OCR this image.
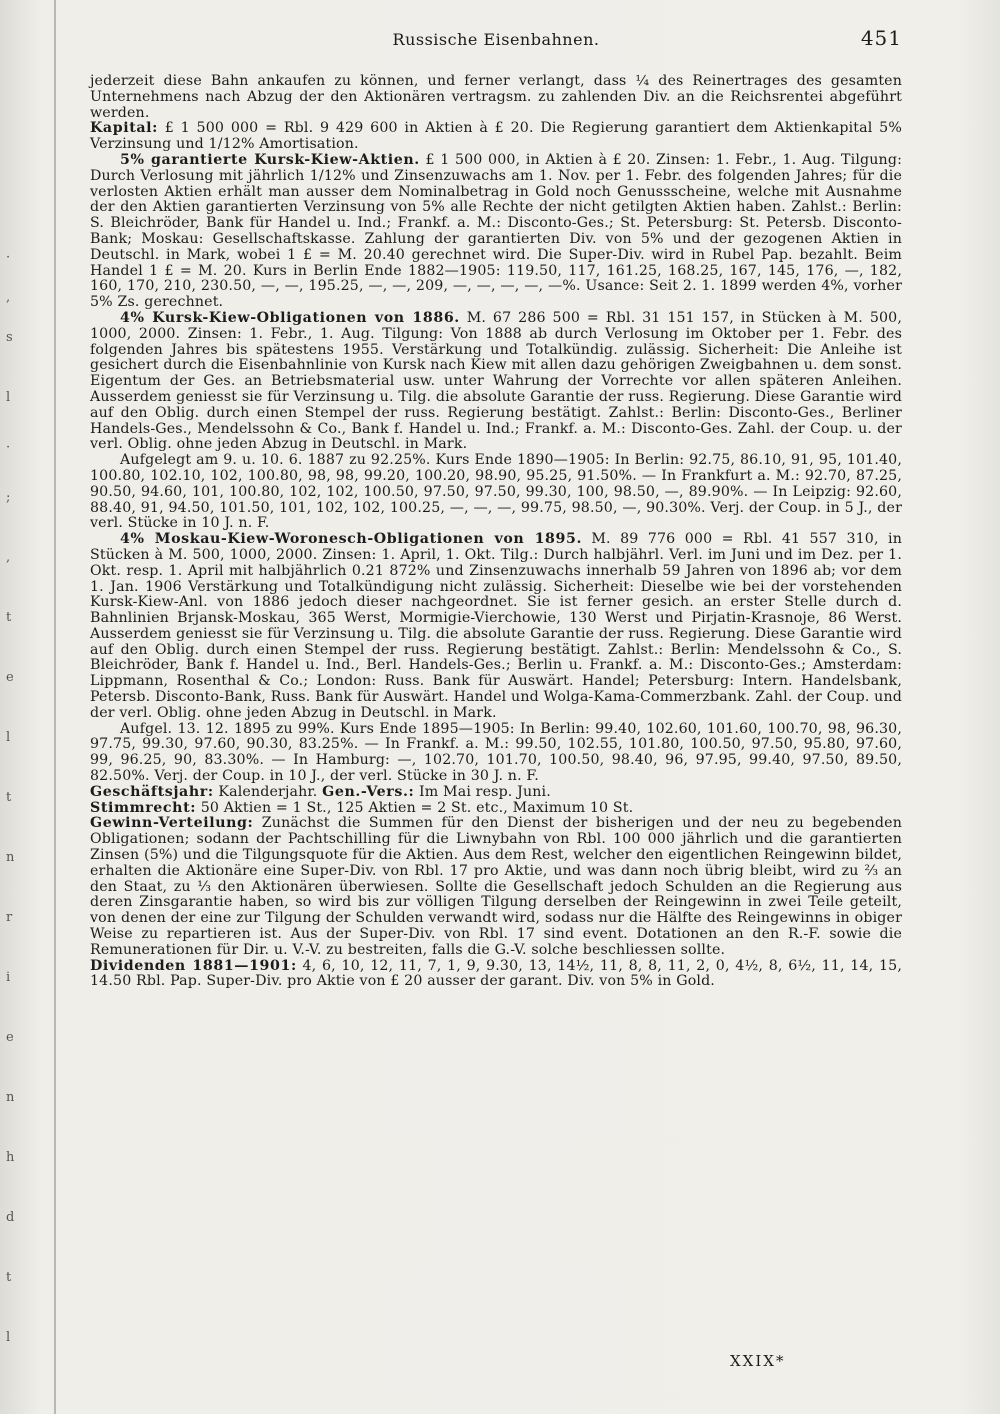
·
,
s
l
·
;
,
t
e
l
t
n
r
i
e
n
h
d
t
l
Russische Eisenbahnen.	451

jederzeit diese Bahn ankaufen zu können, und ferner verlangt, dass ¼ des Reinertrages des gesamten Unternehmens nach Abzug der den Aktionären vertragsm. zu zahlenden Div. an die Reichsrentei abgeführt werden.

Kapital: £ 1 500 000 = Rbl. 9 429 600 in Aktien à £ 20. Die Regierung garantiert dem Aktienkapital 5% Verzinsung und 1/12% Amortisation.

5% garantierte Kursk-Kiew-Aktien. £ 1 500 000, in Aktien à £ 20. Zinsen: 1. Febr., 1. Aug. Tilgung: Durch Verlosung mit jährlich 1/12% und Zinsenzuwachs am 1. Nov. per 1. Febr. des folgenden Jahres; für die verlosten Aktien erhält man ausser dem Nominalbetrag in Gold noch Genussscheine, welche mit Ausnahme der den Aktien garantierten Verzinsung von 5% alle Rechte der nicht getilgten Aktien haben. Zahlst.: Berlin: S. Bleichröder, Bank für Handel u. Ind.; Frankf. a. M.: Disconto-Ges.; St. Petersburg: St. Petersb. Disconto-Bank; Moskau: Gesellschaftskasse. Zahlung der garantierten Div. von 5% und der gezogenen Aktien in Deutschl. in Mark, wobei 1 £ = M. 20.40 gerechnet wird. Die Super-Div. wird in Rubel Pap. bezahlt. Beim Handel 1 £ = M. 20. Kurs in Berlin Ende 1882—1905: 119.50, 117, 161.25, 168.25, 167, 145, 176, —, 182, 160, 170, 210, 230.50, —, —, 195.25, —, —, 209, —, —, —, —, —%. Usance: Seit 2. 1. 1899 werden 4%, vorher 5% Zs. gerechnet.

4% Kursk-Kiew-Obligationen von 1886. M. 67 286 500 = Rbl. 31 151 157, in Stücken à M. 500, 1000, 2000. Zinsen: 1. Febr., 1. Aug. Tilgung: Von 1888 ab durch Verlosung im Oktober per 1. Febr. des folgenden Jahres bis spätestens 1955. Verstärkung und Totalkündig. zulässig. Sicherheit: Die Anleihe ist gesichert durch die Eisenbahnlinie von Kursk nach Kiew mit allen dazu gehörigen Zweigbahnen u. dem sonst. Eigentum der Ges. an Betriebsmaterial usw. unter Wahrung der Vorrechte vor allen späteren Anleihen. Ausserdem geniesst sie für Verzinsung u. Tilg. die absolute Garantie der russ. Regierung. Diese Garantie wird auf den Oblig. durch einen Stempel der russ. Regierung bestätigt. Zahlst.: Berlin: Disconto-Ges., Berliner Handels-Ges., Mendelssohn & Co., Bank f. Handel u. Ind.; Frankf. a. M.: Disconto-Ges. Zahl. der Coup. u. der verl. Oblig. ohne jeden Abzug in Deutschl. in Mark.

Aufgelegt am 9. u. 10. 6. 1887 zu 92.25%. Kurs Ende 1890—1905: In Berlin: 92.75, 86.10, 91, 95, 101.40, 100.80, 102.10, 102, 100.80, 98, 98, 99.20, 100.20, 98.90, 95.25, 91.50%. — In Frankfurt a. M.: 92.70, 87.25, 90.50, 94.60, 101, 100.80, 102, 102, 100.50, 97.50, 97.50, 99.30, 100, 98.50, —, 89.90%. — In Leipzig: 92.60, 88.40, 91, 94.50, 101.50, 101, 102, 102, 100.25, —, —, —, 99.75, 98.50, —, 90.30%. Verj. der Coup. in 5 J., der verl. Stücke in 10 J. n. F.

4% Moskau-Kiew-Woronesch-Obligationen von 1895. M. 89 776 000 = Rbl. 41 557 310, in Stücken à M. 500, 1000, 2000. Zinsen: 1. April, 1. Okt. Tilg.: Durch halbjährl. Verl. im Juni und im Dez. per 1. Okt. resp. 1. April mit halbjährlich 0.21 872% und Zinsenzuwachs innerhalb 59 Jahren von 1896 ab; vor dem 1. Jan. 1906 Verstärkung und Totalkündigung nicht zulässig. Sicherheit: Dieselbe wie bei der vorstehenden Kursk-Kiew-Anl. von 1886 jedoch dieser nachgeordnet. Sie ist ferner gesich. an erster Stelle durch d. Bahnlinien Brjansk-Moskau, 365 Werst, Mormigie-Vierchowie, 130 Werst und Pirjatin-Krasnoje, 86 Werst. Ausserdem geniesst sie für Verzinsung u. Tilg. die absolute Garantie der russ. Regierung. Diese Garantie wird auf den Oblig. durch einen Stempel der russ. Regierung bestätigt. Zahlst.: Berlin: Mendelssohn & Co., S. Bleichröder, Bank f. Handel u. Ind., Berl. Handels-Ges.; Berlin u. Frankf. a. M.: Disconto-Ges.; Amsterdam: Lippmann, Rosenthal & Co.; London: Russ. Bank für Auswärt. Handel; Petersburg: Intern. Handelsbank, Petersb. Disconto-Bank, Russ. Bank für Auswärt. Handel und Wolga-Kama-Commerzbank. Zahl. der Coup. und der verl. Oblig. ohne jeden Abzug in Deutschl. in Mark.

Aufgel. 13. 12. 1895 zu 99%. Kurs Ende 1895—1905: In Berlin: 99.40, 102.60, 101.60, 100.70, 98, 96.30, 97.75, 99.30, 97.60, 90.30, 83.25%. — In Frankf. a. M.: 99.50, 102.55, 101.80, 100.50, 97.50, 95.80, 97.60, 99, 96.25, 90, 83.30%. — In Hamburg: —, 102.70, 101.70, 100.50, 98.40, 96, 97.95, 99.40, 97.50, 89.50, 82.50%. Verj. der Coup. in 10 J., der verl. Stücke in 30 J. n. F.

Geschäftsjahr: Kalenderjahr. Gen.-Vers.: Im Mai resp. Juni.

Stimmrecht: 50 Aktien = 1 St., 125 Aktien = 2 St. etc., Maximum 10 St.

Gewinn-Verteilung: Zunächst die Summen für den Dienst der bisherigen und der neu zu begebenden Obligationen; sodann der Pachtschilling für die Liwnybahn von Rbl. 100 000 jährlich und die garantierten Zinsen (5%) und die Tilgungsquote für die Aktien. Aus dem Rest, welcher den eigentlichen Reingewinn bildet, erhalten die Aktionäre eine Super-Div. von Rbl. 17 pro Aktie, und was dann noch übrig bleibt, wird zu ⅔ an den Staat, zu ⅓ den Aktionären überwiesen. Sollte die Gesellschaft jedoch Schulden an die Regierung aus deren Zinsgarantie haben, so wird bis zur völligen Tilgung derselben der Reingewinn in zwei Teile geteilt, von denen der eine zur Tilgung der Schulden verwandt wird, sodass nur die Hälfte des Reingewinns in obiger Weise zu repartieren ist. Aus der Super-Div. von Rbl. 17 sind event. Dotationen an den R.-F. sowie die Remunerationen für Dir. u. V.-V. zu bestreiten, falls die G.-V. solche beschliessen sollte.

Dividenden 1881—1901: 4, 6, 10, 12, 11, 7, 1, 9, 9.30, 13, 14½, 11, 8, 8, 11, 2, 0, 4½, 8, 6½, 11, 14, 15, 14.50 Rbl. Pap. Super-Div. pro Aktie von £ 20 ausser der garant. Div. von 5% in Gold.

XXIX*
